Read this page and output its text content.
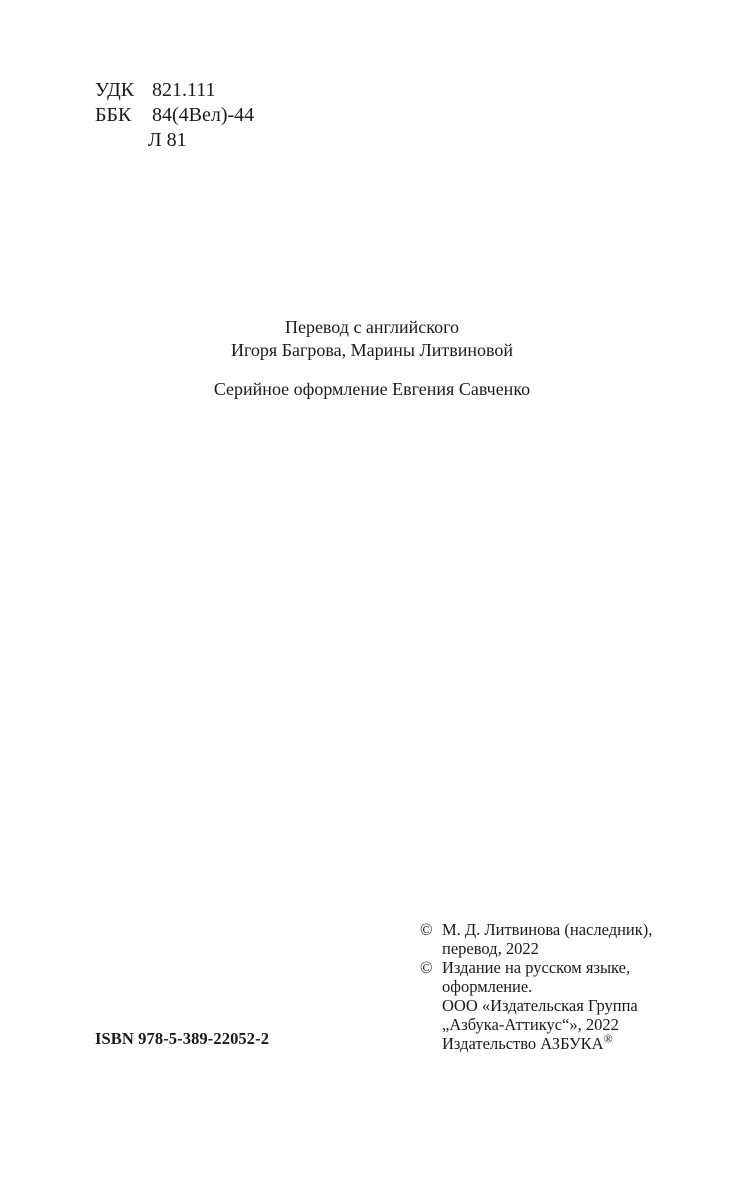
УДК 821.111
ББК 84(4Вел)-44
Л 81
Перевод с английского
Игоря Багрова, Марины Литвиновой
Серийное оформление Евгения Савченко
ISBN 978-5-389-22052-2
© М. Д. Литвинова (наследник),
перевод, 2022
© Издание на русском языке,
оформление.
ООО «Издательская Группа
„Азбука-Аттикус“», 2022
Издательство АЗБУКА®
